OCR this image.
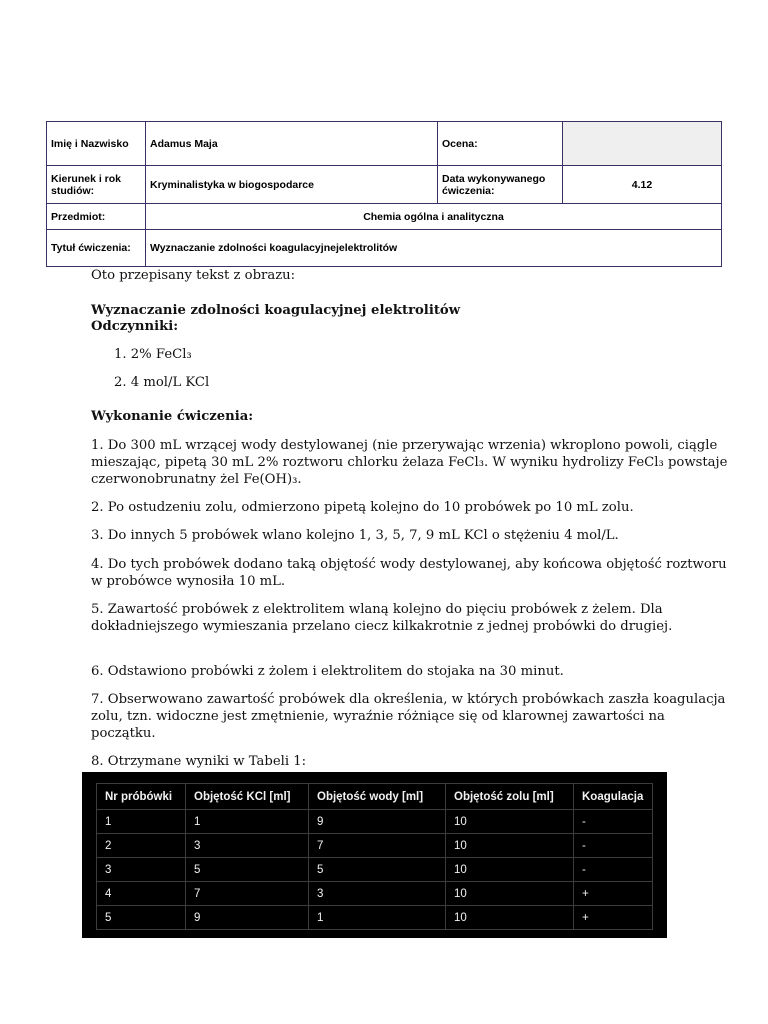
Imię i Nazwisko	Adamus Maja	Ocena:	
Kierunek i rok studiów:	Kryminalistyka w biogospodarce	Data wykonywanego ćwiczenia:	4.12
Przedmiot:	Chemia ogólna i analityczna		
Tytuł ćwiczenia:	Wyznaczanie zdolności koagulacyjnejelektrolitów		
Oto przepisany tekst z obrazu:
Wyznaczanie zdolności koagulacyjnej elektrolitów
Odczynniki:
1. 2% FeCl₃
2. 4 mol/L KCl
Wykonanie ćwiczenia:
1. Do 300 mL wrzącej wody destylowanej (nie przerywając wrzenia) wkroplono powoli, ciągle mieszając, pipetą 30 mL 2% roztworu chlorku żelaza FeCl₃. W wyniku hydrolizy FeCl₃ powstaje czerwonobrunatny żel Fe(OH)₃.
2. Po ostudzeniu zolu, odmierzono pipetą kolejno do 10 probówek po 10 mL zolu.
3. Do innych 5 probówek wlano kolejno 1, 3, 5, 7, 9 mL KCl o stężeniu 4 mol/L.
4. Do tych probówek dodano taką objętość wody destylowanej, aby końcowa objętość roztworu w probówce wynosiła 10 mL.
5. Zawartość probówek z elektrolitem wlaną kolejno do pięciu probówek z żelem. Dla dokładniejszego wymieszania przelano ciecz kilkakrotnie z jednej probówki do drugiej.
6. Odstawiono probówki z żolem i elektrolitem do stojaka na 30 minut.
7. Obserwowano zawartość probówek dla określenia, w których probówkach zaszła koagulacja zolu, tzn. widoczne jest zmętnienie, wyraźnie różniące się od klarownej zawartości na początku.
8. Otrzymane wyniki w Tabeli 1:
Nr próbówki	Objętość KCl [ml]	Objętość wody [ml]	Objętość zolu [ml]	Koagulacja
1	1	9	10	-
2	3	7	10	-
3	5	5	10	-
4	7	3	10	+
5	9	1	10	+
